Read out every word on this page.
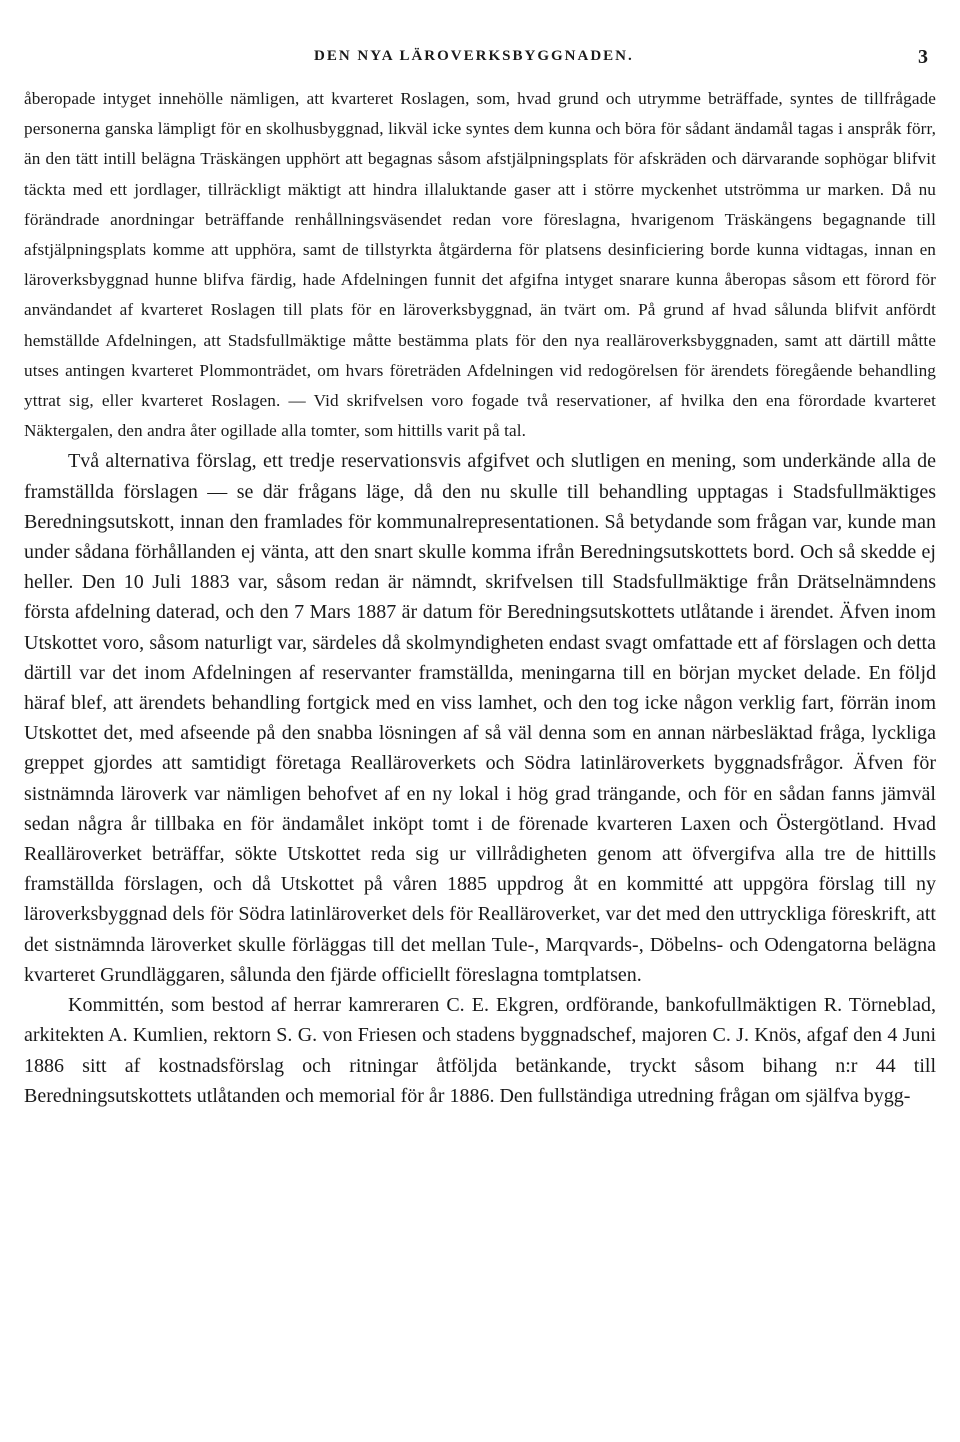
DEN NYA LÄROVERKSBYGGNADEN.	3

åberopade intyget innehölle nämligen, att kvarteret Roslagen, som, hvad grund och utrymme beträffade, syntes de tillfrågade personerna ganska lämpligt för en skolhusbyggnad, likväl icke syntes dem kunna och böra för sådant ändamål tagas i anspråk förr, än den tätt intill belägna Träskängen upphört att begagnas såsom afstjälpningsplats för afskräden och därvarande sophögar blifvit täckta med ett jordlager, tillräckligt mäktigt att hindra illaluktande gaser att i större myckenhet utströmma ur marken. Då nu förändrade anordningar beträffande renhållningsväsendet redan vore föreslagna, hvarigenom Träskängens begagnande till afstjälpningsplats komme att upphöra, samt de tillstyrkta åtgärderna för platsens desinficiering borde kunna vidtagas, innan en läroverksbyggnad hunne blifva färdig, hade Afdelningen funnit det afgifna intyget snarare kunna åberopas såsom ett förord för användandet af kvarteret Roslagen till plats för en läroverksbyggnad, än tvärt om. På grund af hvad sålunda blifvit anfördt hemställde Afdelningen, att Stadsfullmäktige måtte bestämma plats för den nya realläroverksbyggnaden, samt att därtill måtte utses antingen kvarteret Plommonträdet, om hvars företräden Afdelningen vid redogörelsen för ärendets föregående behandling yttrat sig, eller kvarteret Roslagen. — Vid skrifvelsen voro fogade två reservationer, af hvilka den ena förordade kvarteret Näktergalen, den andra åter ogillade alla tomter, som hittills varit på tal.

Två alternativa förslag, ett tredje reservationsvis afgifvet och slutligen en mening, som underkände alla de framställda förslagen — se där frågans läge, då den nu skulle till behandling upptagas i Stadsfullmäktiges Beredningsutskott, innan den framlades för kommunalrepresentationen. Så betydande som frågan var, kunde man under sådana förhållanden ej vänta, att den snart skulle komma ifrån Beredningsutskottets bord. Och så skedde ej heller. Den 10 Juli 1883 var, såsom redan är nämndt, skrifvelsen till Stadsfullmäktige från Drätselnämndens första afdelning daterad, och den 7 Mars 1887 är datum för Beredningsutskottets utlåtande i ärendet. Äfven inom Utskottet voro, såsom naturligt var, särdeles då skolmyndigheten endast svagt omfattade ett af förslagen och detta därtill var det inom Afdelningen af reservanter framställda, meningarna till en början mycket delade. En följd häraf blef, att ärendets behandling fortgick med en viss lamhet, och den tog icke någon verklig fart, förrän inom Utskottet det, med afseende på den snabba lösningen af så väl denna som en annan närbesläktad fråga, lyckliga greppet gjordes att samtidigt företaga Realläroverkets och Södra latinläroverkets byggnadsfrågor. Äfven för sistnämnda läroverk var nämligen behofvet af en ny lokal i hög grad trängande, och för en sådan fanns jämväl sedan några år tillbaka en för ändamålet inköpt tomt i de förenade kvarteren Laxen och Östergötland. Hvad Realläroverket beträffar, sökte Utskottet reda sig ur villrådigheten genom att öfvergifva alla tre de hittills framställda förslagen, och då Utskottet på våren 1885 uppdrog åt en kommitté att uppgöra förslag till ny läroverksbyggnad dels för Södra latinläroverket dels för Realläroverket, var det med den uttryckliga föreskrift, att det sistnämnda läroverket skulle förläggas till det mellan Tule-, Marqvards-, Döbelns- och Odengatorna belägna kvarteret Grundläggaren, sålunda den fjärde officiellt föreslagna tomtplatsen.

Kommittén, som bestod af herrar kamreraren C. E. Ekgren, ordförande, bankofullmäktigen R. Törneblad, arkitekten A. Kumlien, rektorn S. G. von Friesen och stadens byggnadschef, majoren C. J. Knös, afgaf den 4 Juni 1886 sitt af kostnadsförslag och ritningar åtföljda betänkande, tryckt såsom bihang n:r 44 till Beredningsutskottets utlåtanden och memorial för år 1886. Den fullständiga utredning frågan om själfva bygg-
